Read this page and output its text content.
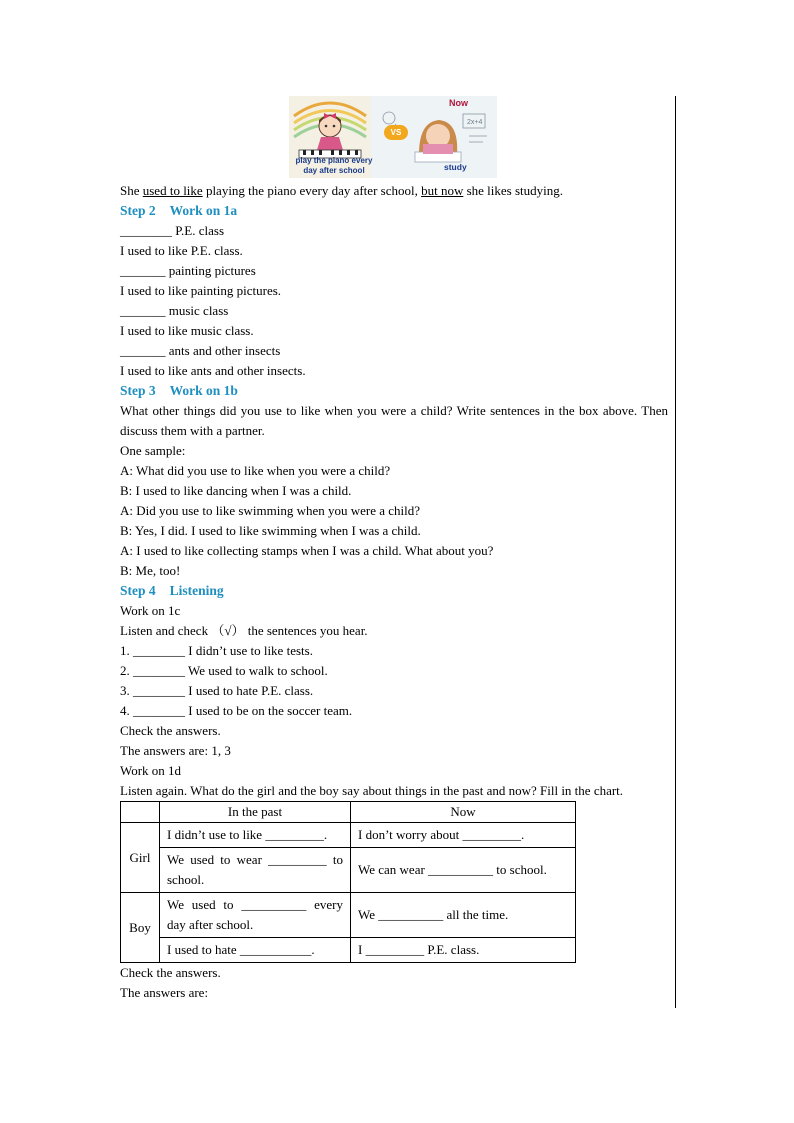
2x+4
play the piano every day after school
VS
Now
study
She used to like playing the piano every day after school, but now she likes studying.
Step 2 Work on 1a
________ P.E. class
I used to like P.E. class.
_______ painting pictures
I used to like painting pictures.
_______ music class
I used to like music class.
_______ ants and other insects
I used to like ants and other insects.
Step 3 Work on 1b
What other things did you use to like when you were a child? Write sentences in the box above. Then discuss them with a partner.
One sample:
A: What did you use to like when you were a child?
B: I used to like dancing when I was a child.
A: Did you use to like swimming when you were a child?
B: Yes, I did. I used to like swimming when I was a child.
A: I used to like collecting stamps when I was a child. What about you?
B: Me, too!
Step 4 Listening
Work on 1c
Listen and check （√） the sentences you hear.
1. ________ I didn’t use to like tests.
2. ________ We used to walk to school.
3. ________ I used to hate P.E. class.
4. ________ I used to be on the soccer team.
Check the answers.
The answers are: 1, 3
Work on 1d
Listen again. What do the girl and the boy say about things in the past and now? Fill in the chart.
	In the past	Now
Girl	I didn’t use to like _________.	I don’t worry about _________.
	We used to wear _________ to school.	We can wear __________ to school.
Boy	We used to __________ every day after school.	We __________ all the time.
	I used to hate ___________.	I _________ P.E. class.
Check the answers.
The answers are:
